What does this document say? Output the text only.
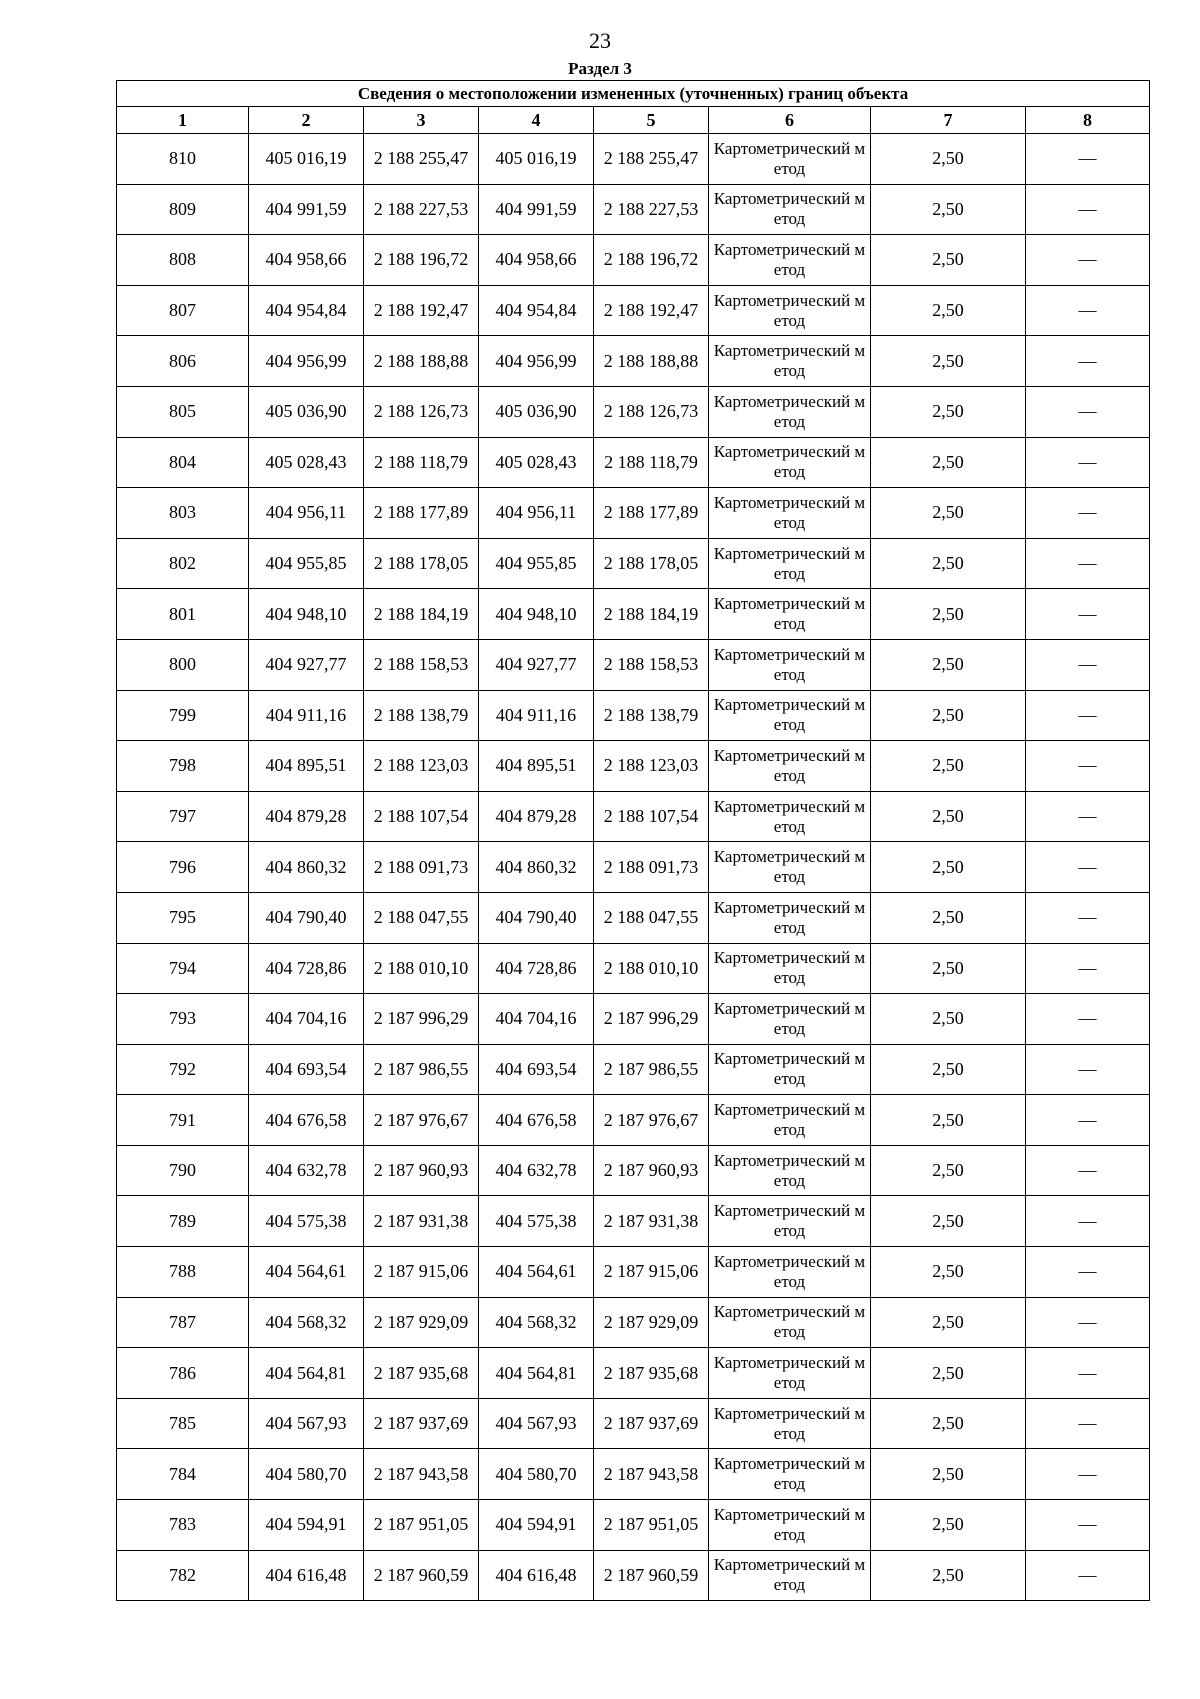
23
Раздел 3
Сведения о местоположении измененных (уточненных) границ объекта							
1	2	3	4	5	6	7	8
810	405 016,19	2 188 255,47	405 016,19	2 188 255,47	Картометрический метод	2,50	—
809	404 991,59	2 188 227,53	404 991,59	2 188 227,53	Картометрический метод	2,50	—
808	404 958,66	2 188 196,72	404 958,66	2 188 196,72	Картометрический метод	2,50	—
807	404 954,84	2 188 192,47	404 954,84	2 188 192,47	Картометрический метод	2,50	—
806	404 956,99	2 188 188,88	404 956,99	2 188 188,88	Картометрический метод	2,50	—
805	405 036,90	2 188 126,73	405 036,90	2 188 126,73	Картометрический метод	2,50	—
804	405 028,43	2 188 118,79	405 028,43	2 188 118,79	Картометрический метод	2,50	—
803	404 956,11	2 188 177,89	404 956,11	2 188 177,89	Картометрический метод	2,50	—
802	404 955,85	2 188 178,05	404 955,85	2 188 178,05	Картометрический метод	2,50	—
801	404 948,10	2 188 184,19	404 948,10	2 188 184,19	Картометрический метод	2,50	—
800	404 927,77	2 188 158,53	404 927,77	2 188 158,53	Картометрический метод	2,50	—
799	404 911,16	2 188 138,79	404 911,16	2 188 138,79	Картометрический метод	2,50	—
798	404 895,51	2 188 123,03	404 895,51	2 188 123,03	Картометрический метод	2,50	—
797	404 879,28	2 188 107,54	404 879,28	2 188 107,54	Картометрический метод	2,50	—
796	404 860,32	2 188 091,73	404 860,32	2 188 091,73	Картометрический метод	2,50	—
795	404 790,40	2 188 047,55	404 790,40	2 188 047,55	Картометрический метод	2,50	—
794	404 728,86	2 188 010,10	404 728,86	2 188 010,10	Картометрический метод	2,50	—
793	404 704,16	2 187 996,29	404 704,16	2 187 996,29	Картометрический метод	2,50	—
792	404 693,54	2 187 986,55	404 693,54	2 187 986,55	Картометрический метод	2,50	—
791	404 676,58	2 187 976,67	404 676,58	2 187 976,67	Картометрический метод	2,50	—
790	404 632,78	2 187 960,93	404 632,78	2 187 960,93	Картометрический метод	2,50	—
789	404 575,38	2 187 931,38	404 575,38	2 187 931,38	Картометрический метод	2,50	—
788	404 564,61	2 187 915,06	404 564,61	2 187 915,06	Картометрический метод	2,50	—
787	404 568,32	2 187 929,09	404 568,32	2 187 929,09	Картометрический метод	2,50	—
786	404 564,81	2 187 935,68	404 564,81	2 187 935,68	Картометрический метод	2,50	—
785	404 567,93	2 187 937,69	404 567,93	2 187 937,69	Картометрический метод	2,50	—
784	404 580,70	2 187 943,58	404 580,70	2 187 943,58	Картометрический метод	2,50	—
783	404 594,91	2 187 951,05	404 594,91	2 187 951,05	Картометрический метод	2,50	—
782	404 616,48	2 187 960,59	404 616,48	2 187 960,59	Картометрический метод	2,50	—
